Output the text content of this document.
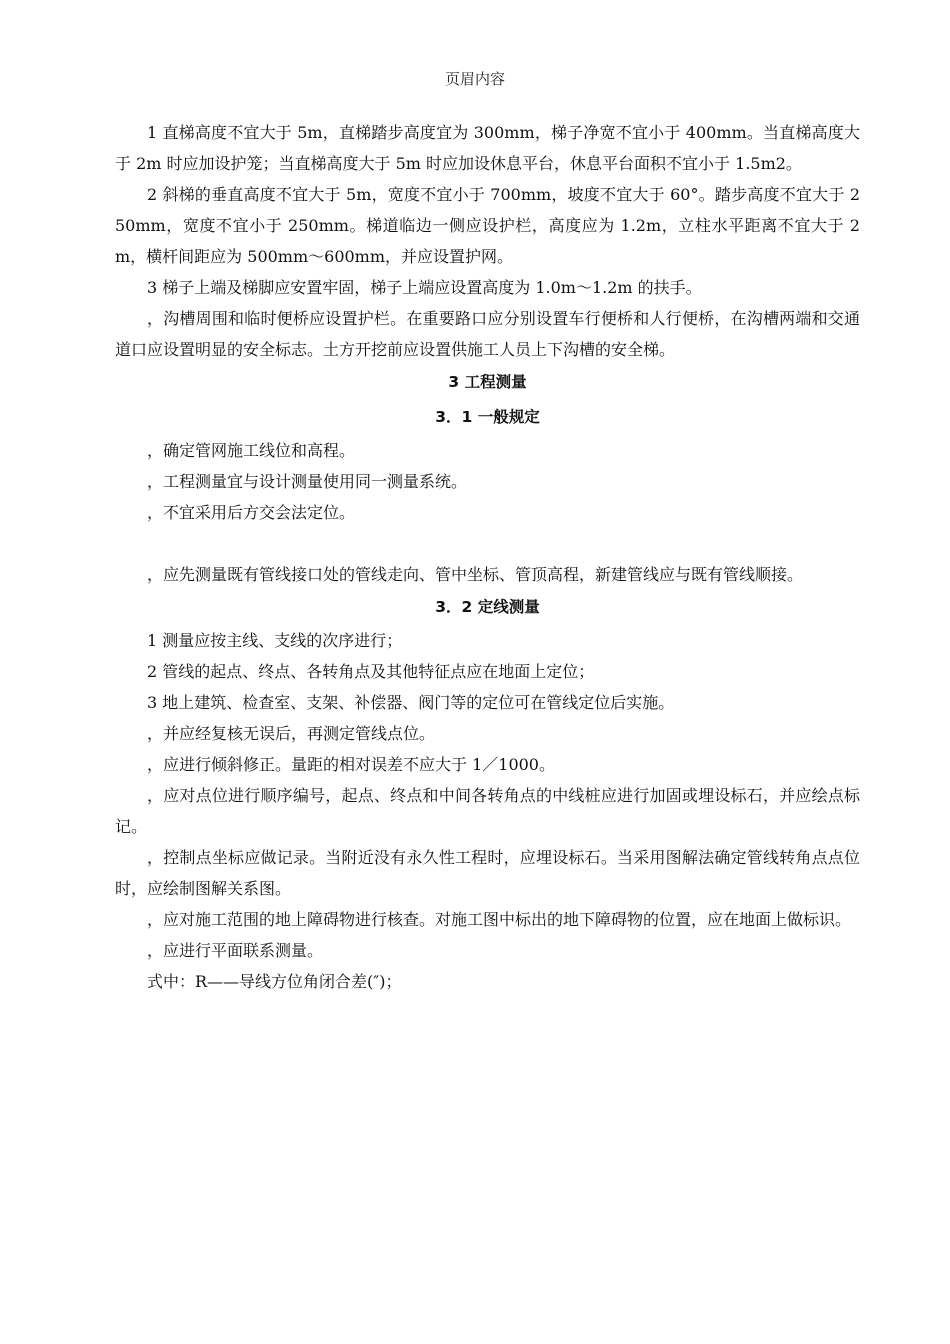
页眉内容

1 直梯高度不宜大于 5m，直梯踏步高度宜为 300mm，梯子净宽不宜小于 400mm。当直梯高度大于 2m 时应加设护笼；当直梯高度大于 5m 时应加设休息平台，休息平台面积不宜小于 1.5m2。

2 斜梯的垂直高度不宜大于 5m，宽度不宜小于 700mm，坡度不宜大于 60°。踏步高度不宜大于 250mm，宽度不宜小于 250mm。梯道临边一侧应设护栏，高度应为 1.2m，立柱水平距离不宜大于 2m，横杆间距应为 500mm～600mm，并应设置护网。

3 梯子上端及梯脚应安置牢固，梯子上端应设置高度为 1.0m～1.2m 的扶手。

，沟槽周围和临时便桥应设置护栏。在重要路口应分别设置车行便桥和人行便桥，在沟槽两端和交通道口应设置明显的安全标志。土方开挖前应设置供施工人员上下沟槽的安全梯。

3 工程测量
3．1 一般规定

，确定管网施工线位和高程。

，工程测量宜与设计测量使用同一测量系统。

，不宜采用后方交会法定位。

，应先测量既有管线接口处的管线走向、管中坐标、管顶高程，新建管线应与既有管线顺接。

3．2 定线测量

1 测量应按主线、支线的次序进行；

2 管线的起点、终点、各转角点及其他特征点应在地面上定位；

3 地上建筑、检查室、支架、补偿器、阀门等的定位可在管线定位后实施。

，并应经复核无误后，再测定管线点位。

，应进行倾斜修正。量距的相对误差不应大于 1／1000。

，应对点位进行顺序编号，起点、终点和中间各转角点的中线桩应进行加固或埋设标石，并应绘点标记。

，控制点坐标应做记录。当附近没有永久性工程时，应埋设标石。当采用图解法确定管线转角点点位时，应绘制图解关系图。

，应对施工范围的地上障碍物进行核查。对施工图中标出的地下障碍物的位置，应在地面上做标识。

，应进行平面联系测量。

式中：R——导线方位角闭合差(″)；
